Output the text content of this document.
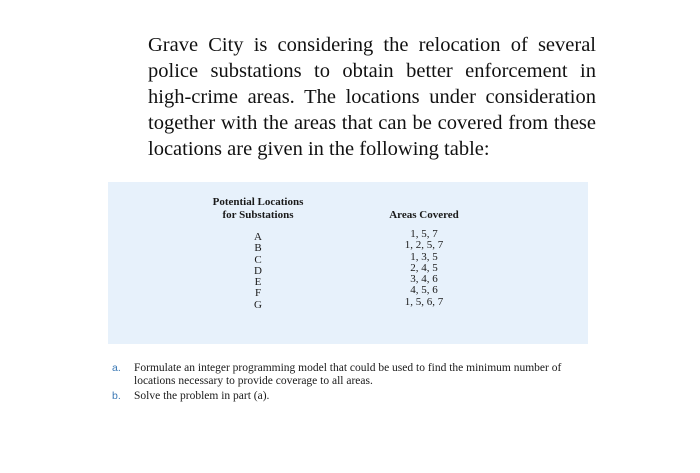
Grave City is considering the relocation of several police substations to obtain better enforcement in high-crime areas. The locations under consideration together with the areas that can be covered from these locations are given in the following table:

Potential Locations
for Substations
A
B
C
D
E
F
G
Areas Covered
1, 5, 7
1, 2, 5, 7
1, 3, 5
2, 4, 5
3, 4, 6
4, 5, 6
1, 5, 6, 7
a.	Formulate an integer programming model that could be used to find the minimum number of locations necessary to provide coverage to all areas.
b.	Solve the problem in part (a).
